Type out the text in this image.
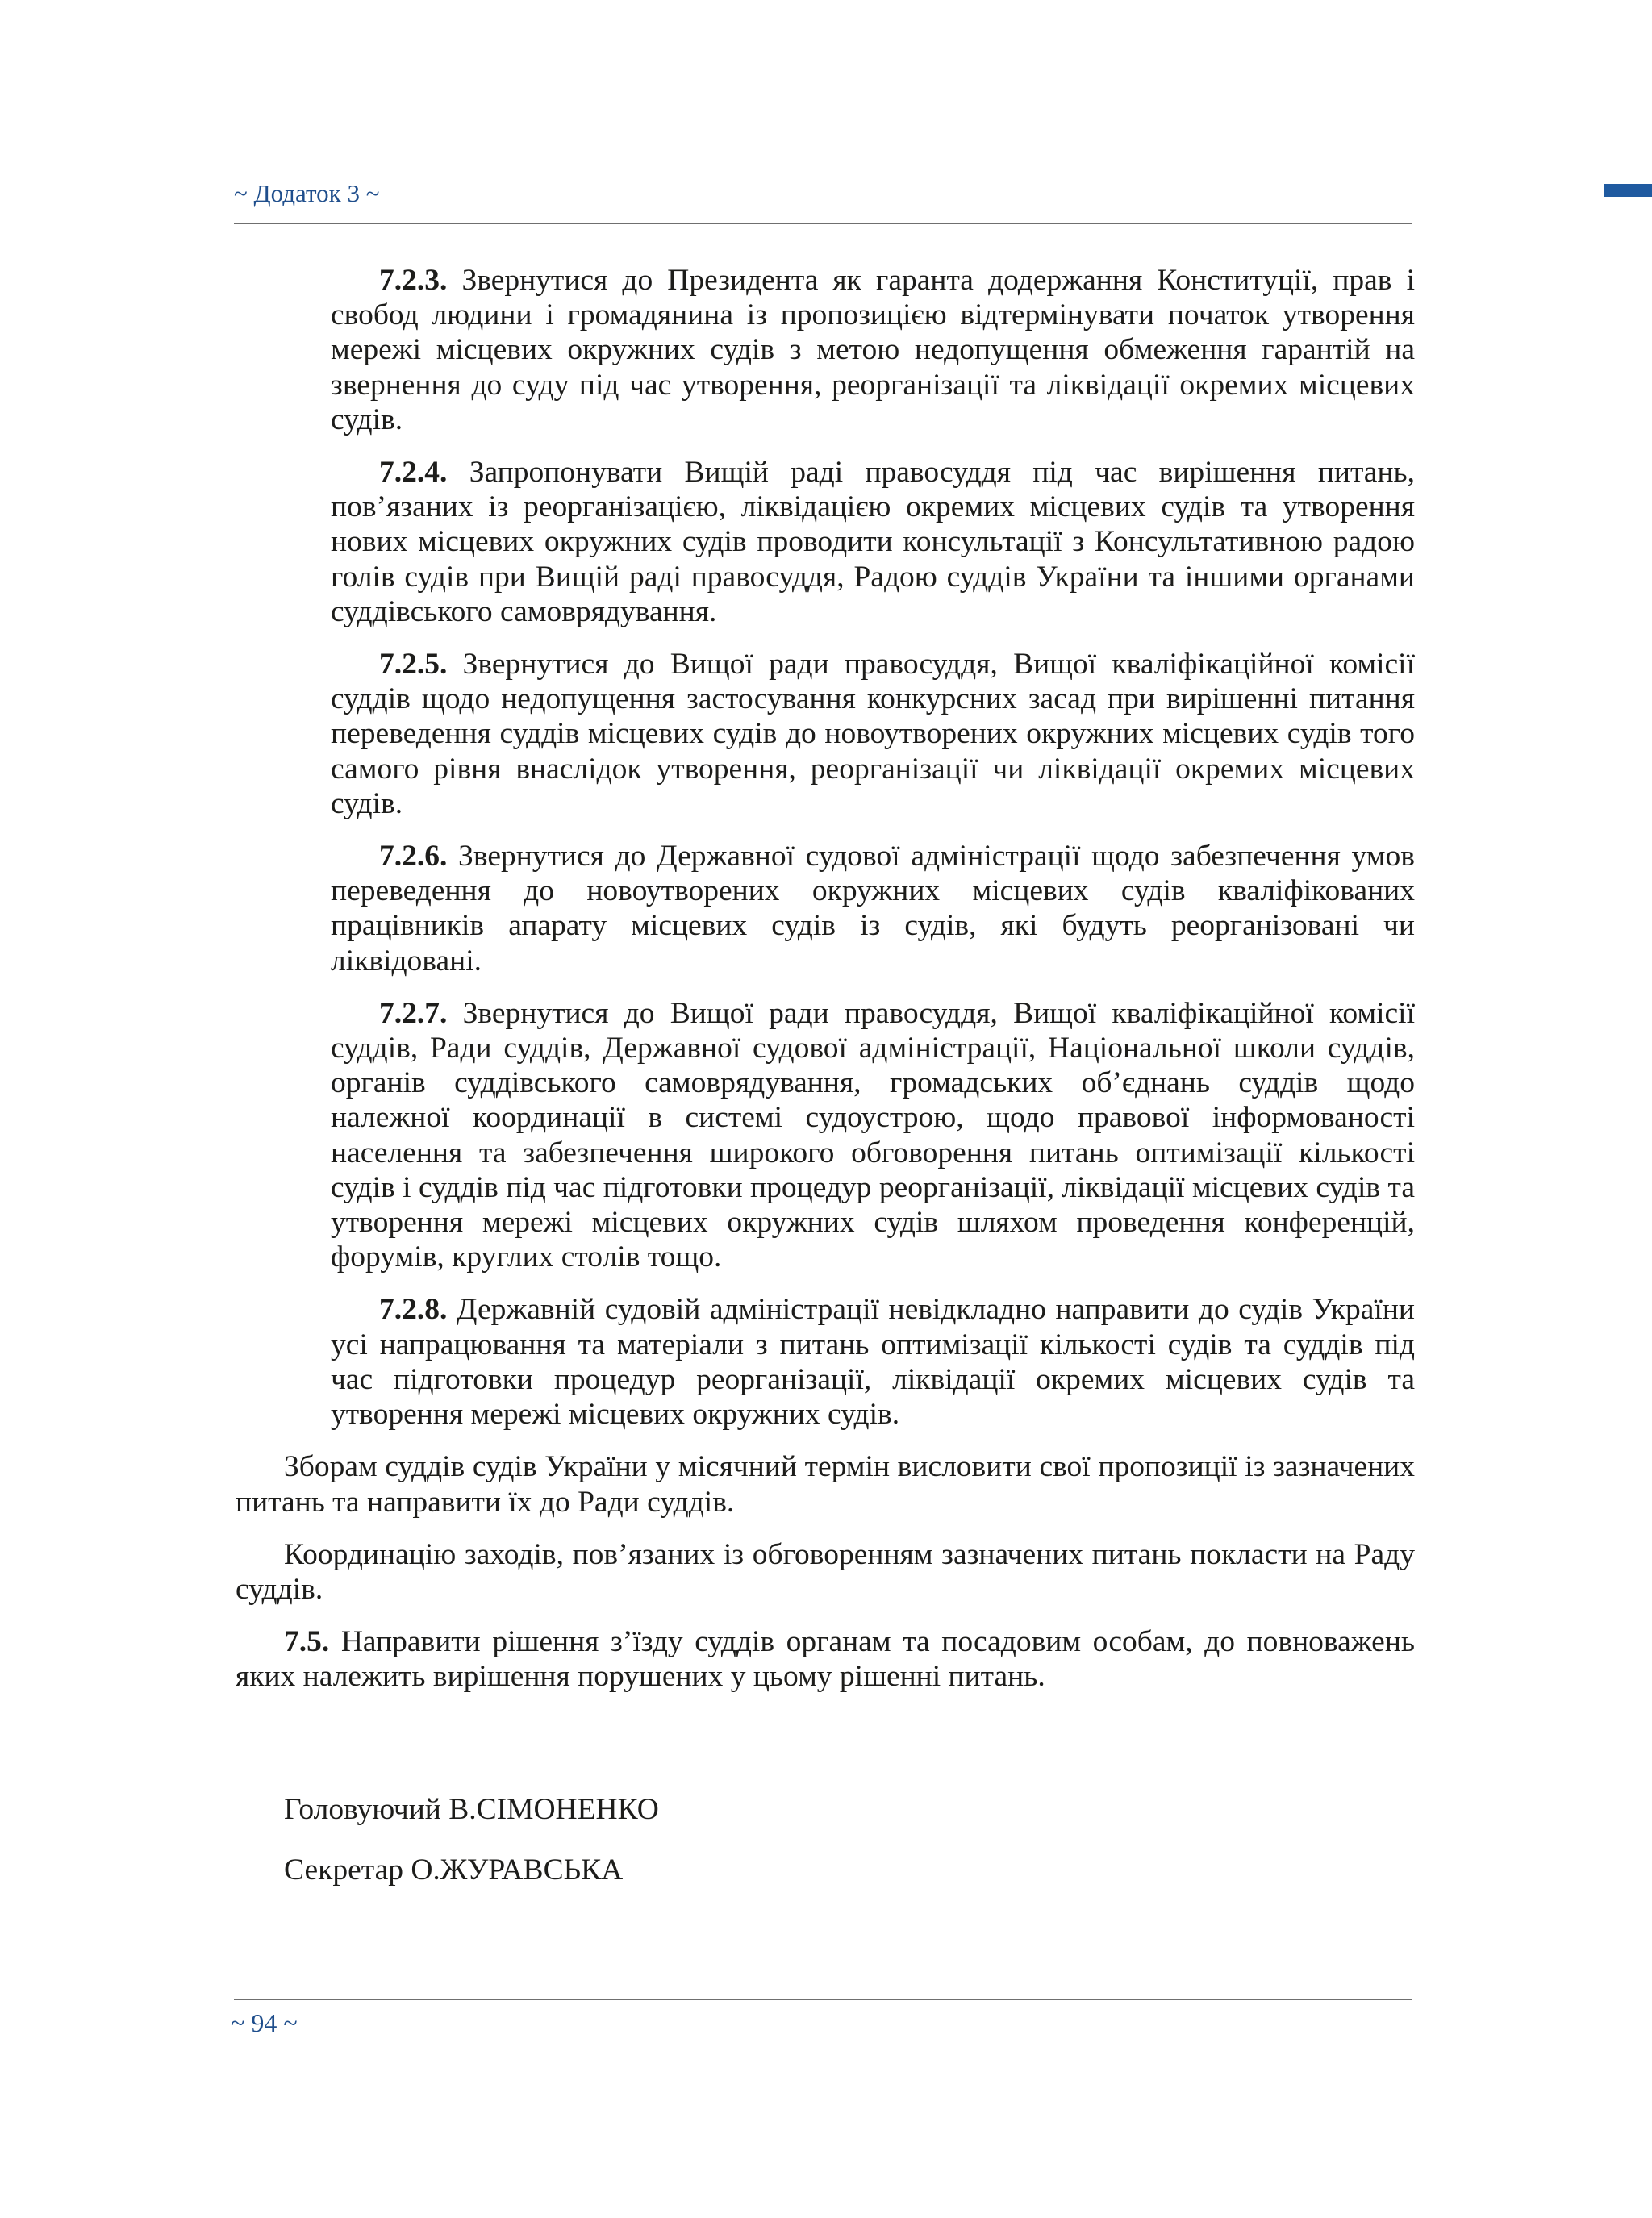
~ Додаток 3 ~

7.2.3. Звернутися до Президента як гаранта додержання Конституції, прав і свобод людини і громадянина із пропозицією відтермінувати початок утворення мережі місцевих окружних судів з метою недопущення обмеження гарантій на звернення до суду під час утворення, реорганізації та ліквідації окремих місцевих судів.

7.2.4. Запропонувати Вищій раді правосуддя під час вирішення питань, пов’язаних із реорганізацією, ліквідацією окремих місцевих судів та утворення нових місцевих окружних судів проводити консультації з Консультативною радою голів судів при Вищій раді правосуддя, Радою суддів України та іншими органами суддівського самоврядування.

7.2.5. Звернутися до Вищої ради правосуддя, Вищої кваліфікаційної комісії суддів щодо недопущення застосування конкурсних засад при вирішенні питання переведення суддів місцевих судів до новоутворених окружних місцевих судів того самого рівня внаслідок утворення, реорганізації чи ліквідації окремих місцевих судів.

7.2.6. Звернутися до Державної судової адміністрації щодо забезпечення умов переведення до новоутворених окружних місцевих судів кваліфікованих працівників апарату місцевих судів із судів, які будуть реорганізовані чи ліквідовані.

7.2.7. Звернутися до Вищої ради правосуддя, Вищої кваліфікаційної комісії суддів, Ради суддів, Державної судової адміністрації, Національної школи суддів, органів суддівського самоврядування, громадських об’єднань суддів щодо належної координації в системі судоустрою, щодо правової інформованості населення та забезпечення широкого обговорення питань оптимізації кількості судів і суддів під час підготовки процедур реорганізації, ліквідації місцевих судів та утворення мережі місцевих окружних судів шляхом проведення конференцій, форумів, круглих столів тощо.

7.2.8. Державній судовій адміністрації невідкладно направити до судів України усі напрацювання та матеріали з питань оптимізації кількості судів та суддів під час підготовки процедур реорганізації, ліквідації окремих місцевих судів та утворення мережі місцевих окружних судів.

Зборам суддів судів України у місячний термін висловити свої пропозиції із зазначених питань та направити їх до Ради суддів.

Координацію заходів, пов’язаних із обговоренням зазначених питань покласти на Раду суддів.

7.5. Направити рішення з’їзду суддів органам та посадовим особам, до повноважень яких належить вирішення порушених у цьому рішенні питань.

Головуючий В.СІМОНЕНКО
Секретар О.ЖУРАВСЬКА
~ 94 ~
